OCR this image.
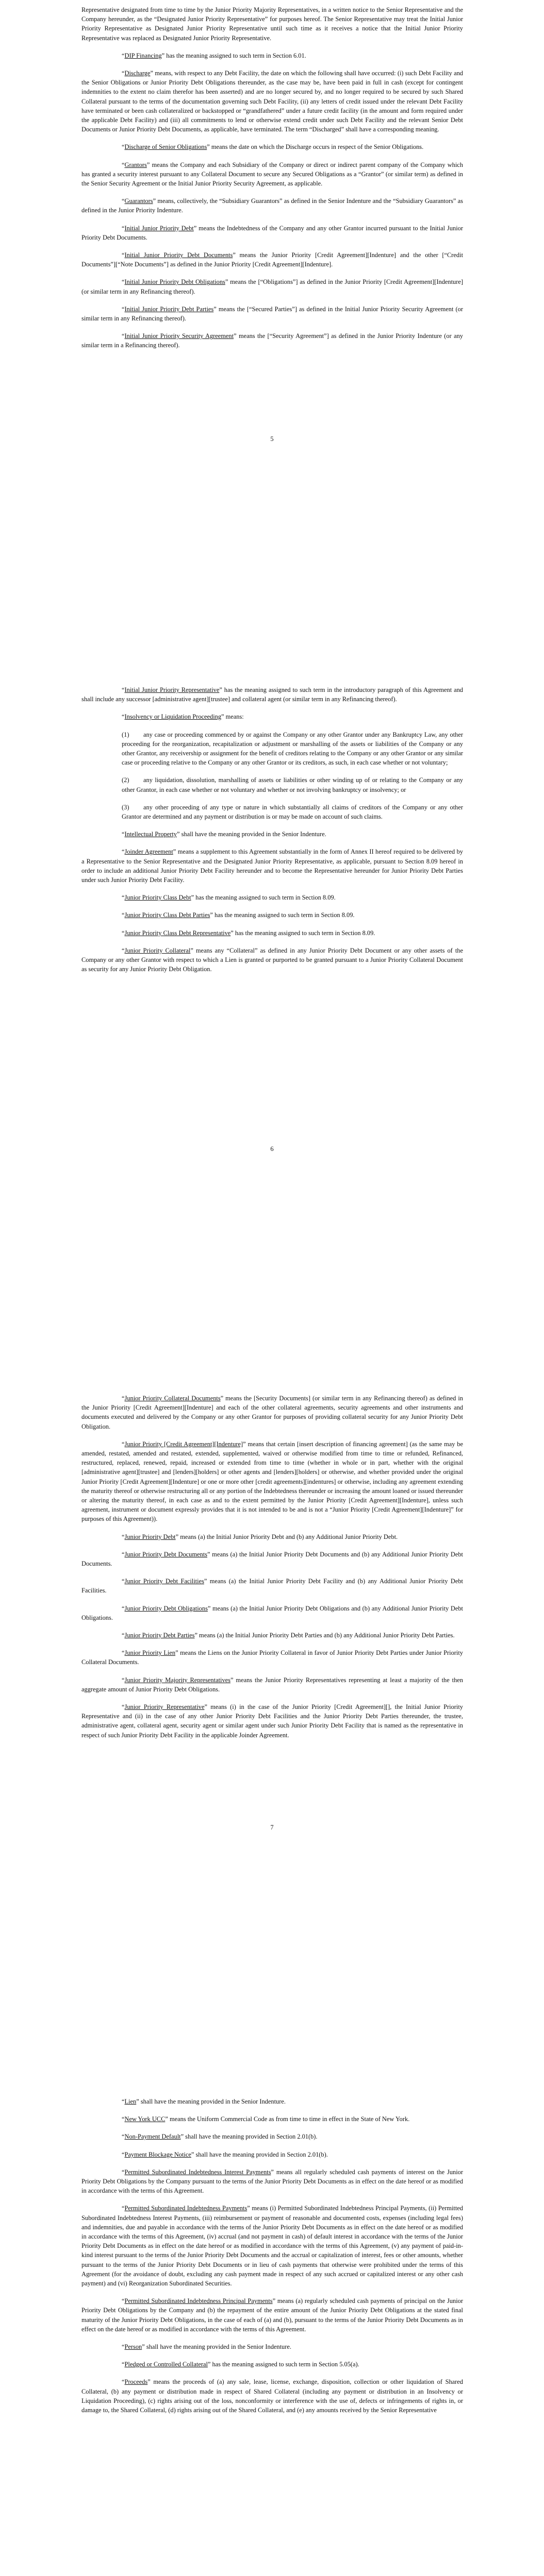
Representative designated from time to time by the Junior Priority Majority Representatives, in a written notice to the Senior Representative and the Company hereunder, as the “Designated Junior Priority Representative” for purposes hereof. The Senior Representative may treat the Initial Junior Priority Representative as Designated Junior Priority Representative until such time as it receives a notice that the Initial Junior Priority Representative was replaced as Designated Junior Priority Representative.

“DIP Financing” has the meaning assigned to such term in Section 6.01.

“Discharge” means, with respect to any Debt Facility, the date on which the following shall have occurred: (i) such Debt Facility and the Senior Obligations or Junior Priority Debt Obligations thereunder, as the case may be, have been paid in full in cash (except for contingent indemnities to the extent no claim therefor has been asserted) and are no longer secured by, and no longer required to be secured by such Shared Collateral pursuant to the terms of the documentation governing such Debt Facility, (ii) any letters of credit issued under the relevant Debt Facility have terminated or been cash collateralized or backstopped or “grandfathered” under a future credit facility (in the amount and form required under the applicable Debt Facility) and (iii) all commitments to lend or otherwise extend credit under such Debt Facility and the relevant Senior Debt Documents or Junior Priority Debt Documents, as applicable, have terminated. The term “Discharged” shall have a corresponding meaning.

“Discharge of Senior Obligations” means the date on which the Discharge occurs in respect of the Senior Obligations.

“Grantors” means the Company and each Subsidiary of the Company or direct or indirect parent company of the Company which has granted a security interest pursuant to any Collateral Document to secure any Secured Obligations as a “Grantor” (or similar term) as defined in the Senior Security Agreement or the Initial Junior Priority Security Agreement, as applicable.

“Guarantors” means, collectively, the “Subsidiary Guarantors” as defined in the Senior Indenture and the “Subsidiary Guarantors” as defined in the Junior Priority Indenture.

“Initial Junior Priority Debt” means the Indebtedness of the Company and any other Grantor incurred pursuant to the Initial Junior Priority Debt Documents.

“Initial Junior Priority Debt Documents” means the Junior Priority [Credit Agreement][Indenture] and the other [“Credit Documents”][“Note Documents”] as defined in the Junior Priority [Credit Agreement][Indenture].

“Initial Junior Priority Debt Obligations” means the [“Obligations”] as defined in the Junior Priority [Credit Agreement][Indenture] (or similar term in any Refinancing thereof).

“Initial Junior Priority Debt Parties” means the [“Secured Parties”] as defined in the Initial Junior Priority Security Agreement (or similar term in any Refinancing thereof).

“Initial Junior Priority Security Agreement” means the [“Security Agreement”] as defined in the Junior Priority Indenture (or any similar term in a Refinancing thereof).

5

“Initial Junior Priority Representative” has the meaning assigned to such term in the introductory paragraph of this Agreement and shall include any successor [administrative agent][trustee] and collateral agent (or similar term in any Refinancing thereof).

“Insolvency or Liquidation Proceeding” means:

(1) any case or proceeding commenced by or against the Company or any other Grantor under any Bankruptcy Law, any other proceeding for the reorganization, recapitalization or adjustment or marshalling of the assets or liabilities of the Company or any other Grantor, any receivership or assignment for the benefit of creditors relating to the Company or any other Grantor or any similar case or proceeding relative to the Company or any other Grantor or its creditors, as such, in each case whether or not voluntary;

(2) any liquidation, dissolution, marshalling of assets or liabilities or other winding up of or relating to the Company or any other Grantor, in each case whether or not voluntary and whether or not involving bankruptcy or insolvency; or

(3) any other proceeding of any type or nature in which substantially all claims of creditors of the Company or any other Grantor are determined and any payment or distribution is or may be made on account of such claims.

“Intellectual Property” shall have the meaning provided in the Senior Indenture.

“Joinder Agreement” means a supplement to this Agreement substantially in the form of Annex II hereof required to be delivered by a Representative to the Senior Representative and the Designated Junior Priority Representative, as applicable, pursuant to Section 8.09 hereof in order to include an additional Junior Priority Debt Facility hereunder and to become the Representative hereunder for Junior Priority Debt Parties under such Junior Priority Debt Facility.

“Junior Priority Class Debt” has the meaning assigned to such term in Section 8.09.

“Junior Priority Class Debt Parties” has the meaning assigned to such term in Section 8.09.

“Junior Priority Class Debt Representative” has the meaning assigned to such term in Section 8.09.

“Junior Priority Collateral” means any “Collateral” as defined in any Junior Priority Debt Document or any other assets of the Company or any other Grantor with respect to which a Lien is granted or purported to be granted pursuant to a Junior Priority Collateral Document as security for any Junior Priority Debt Obligation.

6

“Junior Priority Collateral Documents” means the [Security Documents] (or similar term in any Refinancing thereof) as defined in the Junior Priority [Credit Agreement][Indenture] and each of the other collateral agreements, security agreements and other instruments and documents executed and delivered by the Company or any other Grantor for purposes of providing collateral security for any Junior Priority Debt Obligation.

“Junior Priority [Credit Agreement][Indenture]” means that certain [insert description of financing agreement] (as the same may be amended, restated, amended and restated, extended, supplemented, waived or otherwise modified from time to time or refunded, Refinanced, restructured, replaced, renewed, repaid, increased or extended from time to time (whether in whole or in part, whether with the original [administrative agent][trustee] and [lenders][holders] or other agents and [lenders][holders] or otherwise, and whether provided under the original Junior Priority [Credit Agreement][Indenture] or one or more other [credit agreements][indentures] or otherwise, including any agreement extending the maturity thereof or otherwise restructuring all or any portion of the Indebtedness thereunder or increasing the amount loaned or issued thereunder or altering the maturity thereof, in each case as and to the extent permitted by the Junior Priority [Credit Agreement][Indenture], unless such agreement, instrument or document expressly provides that it is not intended to be and is not a “Junior Priority [Credit Agreement][Indenture]” for purposes of this Agreement)).

“Junior Priority Debt” means (a) the Initial Junior Priority Debt and (b) any Additional Junior Priority Debt.

“Junior Priority Debt Documents” means (a) the Initial Junior Priority Debt Documents and (b) any Additional Junior Priority Debt Documents.

“Junior Priority Debt Facilities” means (a) the Initial Junior Priority Debt Facility and (b) any Additional Junior Priority Debt Facilities.

“Junior Priority Debt Obligations” means (a) the Initial Junior Priority Debt Obligations and (b) any Additional Junior Priority Debt Obligations.

“Junior Priority Debt Parties” means (a) the Initial Junior Priority Debt Parties and (b) any Additional Junior Priority Debt Parties.

“Junior Priority Lien” means the Liens on the Junior Priority Collateral in favor of Junior Priority Debt Parties under Junior Priority Collateral Documents.

“Junior Priority Majority Representatives” means the Junior Priority Representatives representing at least a majority of the then aggregate amount of Junior Priority Debt Obligations.

“Junior Priority Representative” means (i) in the case of the Junior Priority [Credit Agreement][], the Initial Junior Priority Representative and (ii) in the case of any other Junior Priority Debt Facilities and the Junior Priority Debt Parties thereunder, the trustee, administrative agent, collateral agent, security agent or similar agent under such Junior Priority Debt Facility that is named as the representative in respect of such Junior Priority Debt Facility in the applicable Joinder Agreement.

7

“Lien” shall have the meaning provided in the Senior Indenture.

“New York UCC” means the Uniform Commercial Code as from time to time in effect in the State of New York.

“Non-Payment Default” shall have the meaning provided in Section 2.01(b).

“Payment Blockage Notice” shall have the meaning provided in Section 2.01(b).

“Permitted Subordinated Indebtedness Interest Payments” means all regularly scheduled cash payments of interest on the Junior Priority Debt Obligations by the Company pursuant to the terms of the Junior Priority Debt Documents as in effect on the date hereof or as modified in accordance with the terms of this Agreement.

“Permitted Subordinated Indebtedness Payments” means (i) Permitted Subordinated Indebtedness Principal Payments, (ii) Permitted Subordinated Indebtedness Interest Payments, (iii) reimbursement or payment of reasonable and documented costs, expenses (including legal fees) and indemnities, due and payable in accordance with the terms of the Junior Priority Debt Documents as in effect on the date hereof or as modified in accordance with the terms of this Agreement, (iv) accrual (and not payment in cash) of default interest in accordance with the terms of the Junior Priority Debt Documents as in effect on the date hereof or as modified in accordance with the terms of this Agreement, (v) any payment of paid-in-kind interest pursuant to the terms of the Junior Priority Debt Documents and the accrual or capitalization of interest, fees or other amounts, whether pursuant to the terms of the Junior Priority Debt Documents or in lieu of cash payments that otherwise were prohibited under the terms of this Agreement (for the avoidance of doubt, excluding any cash payment made in respect of any such accrued or capitalized interest or any other cash payment) and (vi) Reorganization Subordinated Securities.

“Permitted Subordinated Indebtedness Principal Payments” means (a) regularly scheduled cash payments of principal on the Junior Priority Debt Obligations by the Company and (b) the repayment of the entire amount of the Junior Priority Debt Obligations at the stated final maturity of the Junior Priority Debt Obligations, in the case of each of (a) and (b), pursuant to the terms of the Junior Priority Debt Documents as in effect on the date hereof or as modified in accordance with the terms of this Agreement.

“Person” shall have the meaning provided in the Senior Indenture.

“Pledged or Controlled Collateral” has the meaning assigned to such term in Section 5.05(a).

“Proceeds” means the proceeds of (a) any sale, lease, license, exchange, disposition, collection or other liquidation of Shared Collateral, (b) any payment or distribution made in respect of Shared Collateral (including any payment or distribution in an Insolvency or Liquidation Proceeding), (c) rights arising out of the loss, nonconformity or interference with the use of, defects or infringements of rights in, or damage to, the Shared Collateral, (d) rights arising out of the Shared Collateral, and (e) any amounts received by the Senior Representative
